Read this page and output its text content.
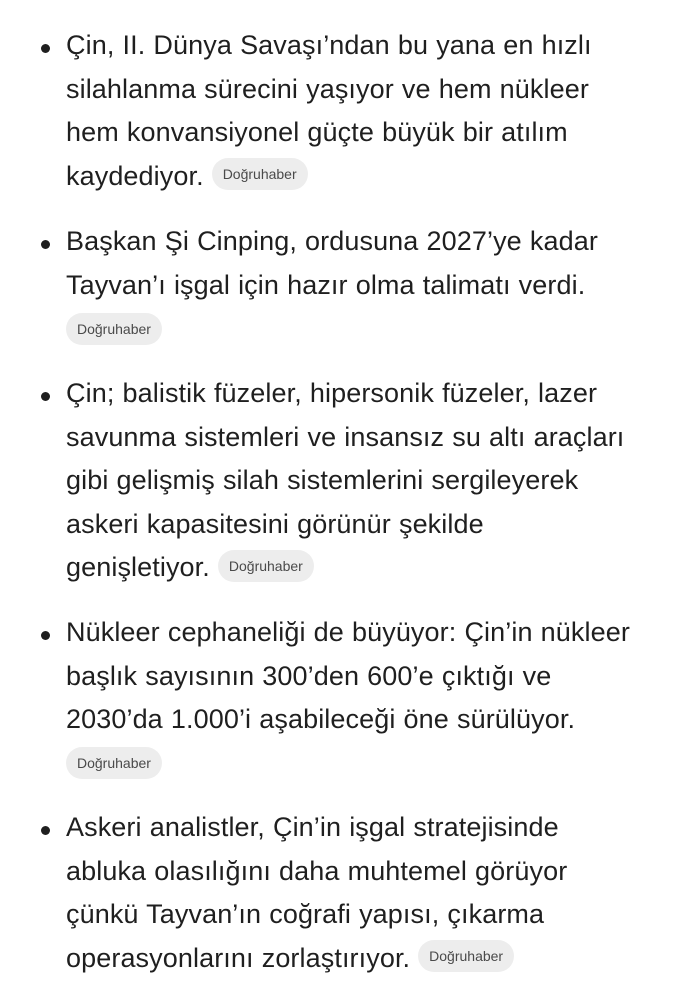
Çin, II. Dünya Savaşı’ndan bu yana en hızlı
silahlanma sürecini yaşıyor ve hem nükleer
hem konvansiyonel güçte büyük bir atılım
kaydediyor. Doğruhaber

Başkan Şi Cinping, ordusuna 2027’ye kadar
Tayvan’ı işgal için hazır olma talimatı verdi.

Doğruhaber

Çin; balistik füzeler, hipersonik füzeler, lazer
savunma sistemleri ve insansız su altı araçları
gibi gelişmiş silah sistemlerini sergileyerek
askeri kapasitesini görünür şekilde
genişletiyor. Doğruhaber

Nükleer cephaneliği de büyüyor: Çin’in nükleer
başlık sayısının 300’den 600’e çıktığı ve
2030’da 1.000’i aşabileceği öne sürülüyor.

Doğruhaber

Askeri analistler, Çin’in işgal stratejisinde
abluka olasılığını daha muhtemel görüyor
çünkü Tayvan’ın coğrafi yapısı, çıkarma
operasyonlarını zorlaştırıyor. Doğruhaber
